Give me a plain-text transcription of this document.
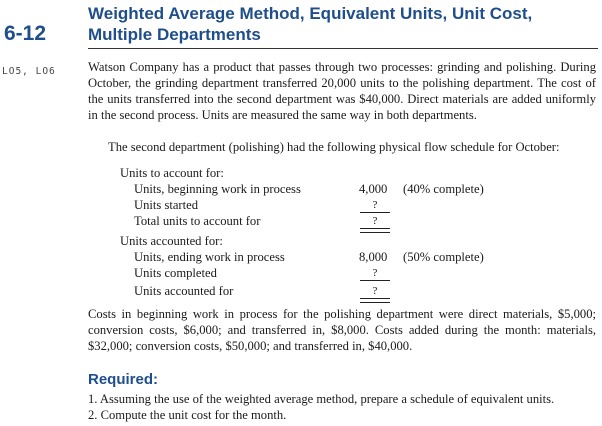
6-12
Weighted Average Method, Equivalent Units, Unit Cost, Multiple Departments
LO5, LO6	Watson Company has a product that passes through two processes: grinding and polishing. During October, the grinding department transferred 20,000 units to the polishing department. The cost of the units transferred into the second department was $40,000. Direct materials are added uniformly in the second process. Units are measured the same way in both departments.
The second department (polishing) had the following physical flow schedule for October:
Units to account for:
Units, beginning work in process	4,000 (40% complete)
Units started	?
Total units to account for	?
Units accounted for:
Units, ending work in process	8,000 (50% complete)
Units completed	?
Units accounted for	?
Costs in beginning work in process for the polishing department were direct materials, $5,000; conversion costs, $6,000; and transferred in, $8,000. Costs added during the month: materials, $32,000; conversion costs, $50,000; and transferred in, $40,000.
Required:
1. Assuming the use of the weighted average method, prepare a schedule of equivalent units.
2. Compute the unit cost for the month.
